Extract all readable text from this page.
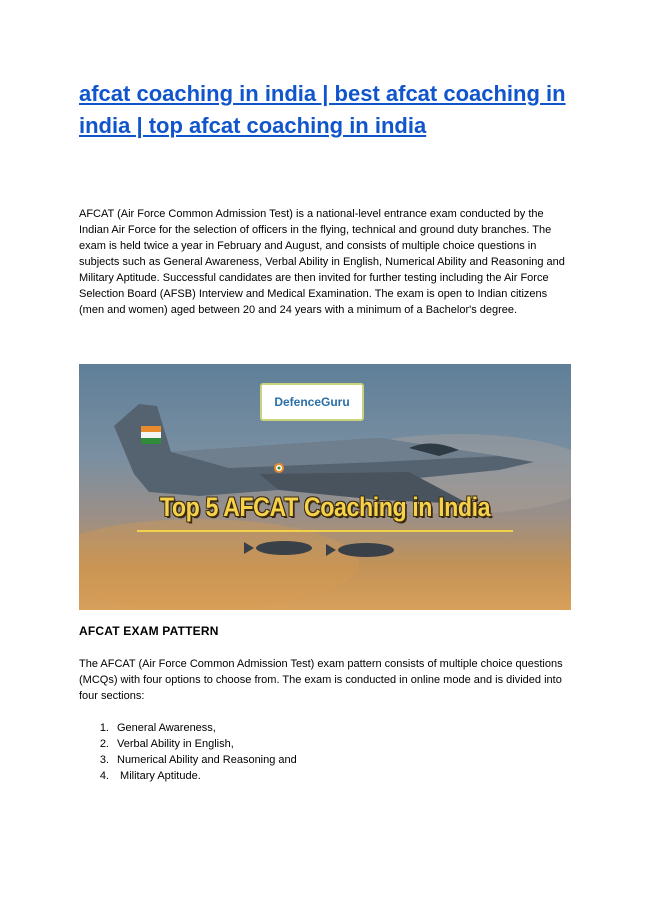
afcat coaching in india | best afcat coaching in india | top afcat coaching in india

AFCAT (Air Force Common Admission Test) is a national-level entrance exam conducted by the Indian Air Force for the selection of officers in the flying, technical and ground duty branches. The exam is held twice a year in February and August, and consists of multiple choice questions in subjects such as General Awareness, Verbal Ability in English, Numerical Ability and Reasoning and Military Aptitude. Successful candidates are then invited for further testing including the Air Force Selection Board (AFSB) Interview and Medical Examination. The exam is open to Indian citizens (men and women) aged between 20 and 24 years with a minimum of a Bachelor's degree.

DefenceGuru
Top 5 AFCAT Coaching in India
AFCAT EXAM PATTERN

The AFCAT (Air Force Common Admission Test) exam pattern consists of multiple choice questions (MCQs) with four options to choose from. The exam is conducted in online mode and is divided into four sections:

1. General Awareness,
2. Verbal Ability in English,
3. Numerical Ability and Reasoning and
4. Military Aptitude.
